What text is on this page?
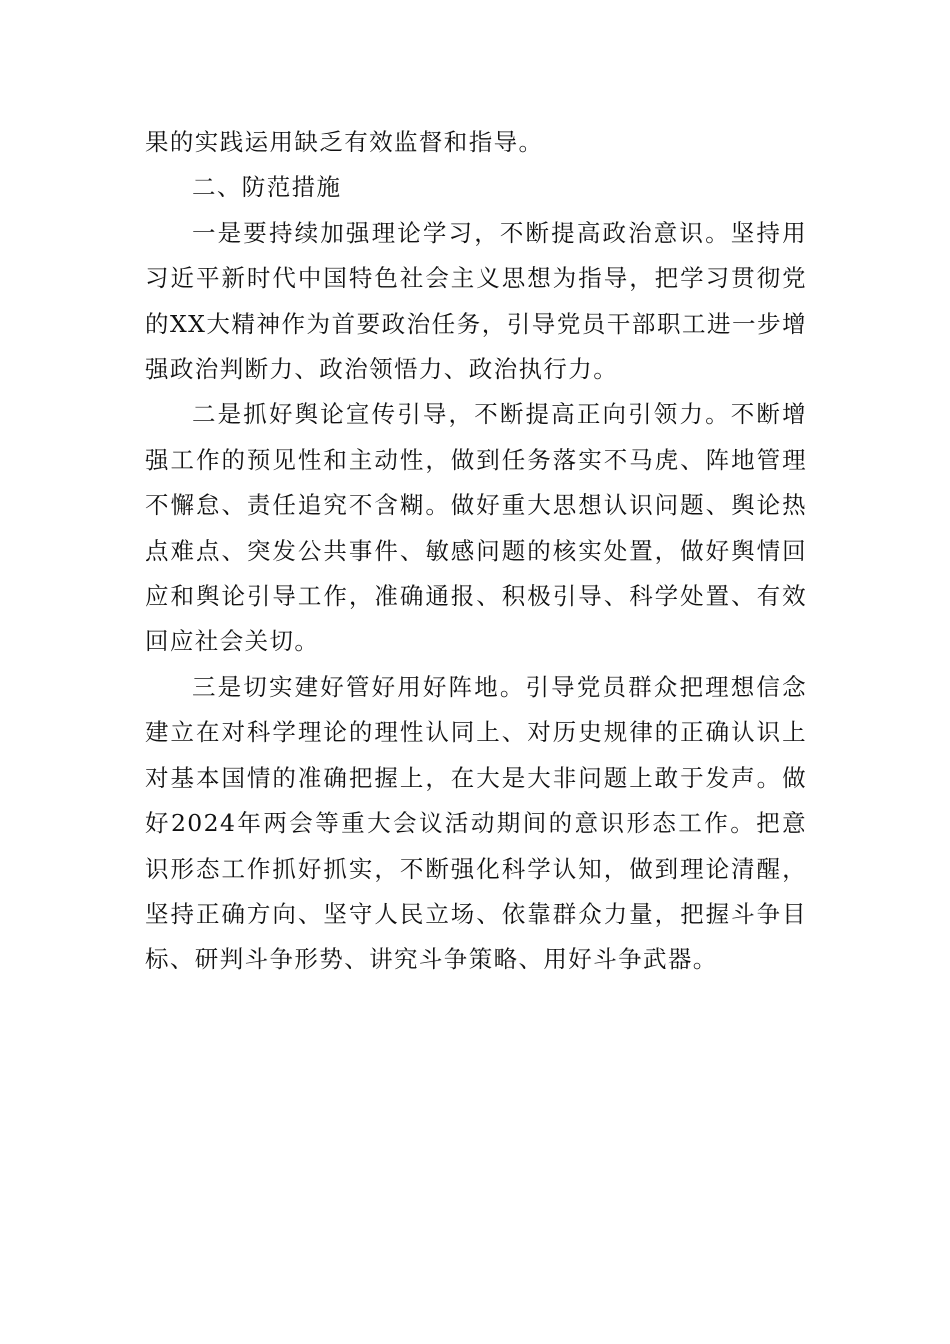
果的实践运用缺乏有效监督和指导。

二、防范措施

一是要持续加强理论学习，不断提高政治意识。坚持用习近平新时代中国特色社会主义思想为指导，把学习贯彻党的XX大精神作为首要政治任务，引导党员干部职工进一步增强政治判断力、政治领悟力、政治执行力。

二是抓好舆论宣传引导，不断提高正向引领力。不断增强工作的预见性和主动性，做到任务落实不马虎、阵地管理不懈怠、责任追究不含糊。做好重大思想认识问题、舆论热点难点、突发公共事件、敏感问题的核实处置，做好舆情回应和舆论引导工作，准确通报、积极引导、科学处置、有效回应社会关切。

三是切实建好管好用好阵地。引导党员群众把理想信念建立在对科学理论的理性认同上、对历史规律的正确认识上对基本国情的准确把握上，在大是大非问题上敢于发声。做好2024年两会等重大会议活动期间的意识形态工作。把意识形态工作抓好抓实，不断强化科学认知，做到理论清醒，坚持正确方向、坚守人民立场、依靠群众力量，把握斗争目标、研判斗争形势、讲究斗争策略、用好斗争武器。
